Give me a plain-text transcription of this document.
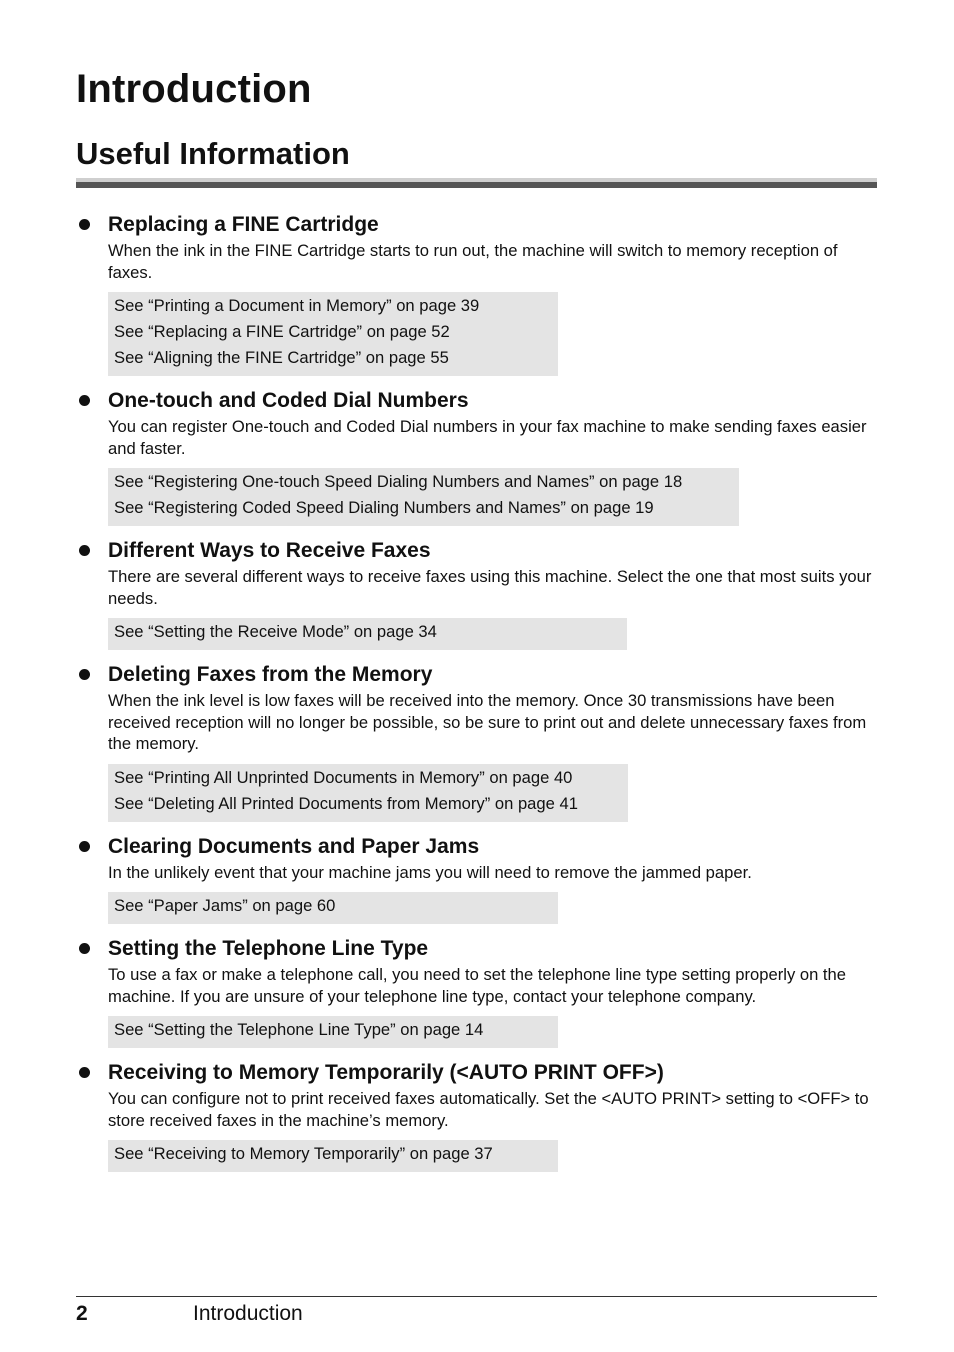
Introduction
Useful Information
Replacing a FINE Cartridge

When the ink in the FINE Cartridge starts to run out, the machine will switch to memory reception of faxes.

See “Printing a Document in Memory” on page 39
See “Replacing a FINE Cartridge” on page 52
See “Aligning the FINE Cartridge” on page 55
One-touch and Coded Dial Numbers

You can register One-touch and Coded Dial numbers in your fax machine to make sending faxes easier and faster.

See “Registering One-touch Speed Dialing Numbers and Names” on page 18
See “Registering Coded Speed Dialing Numbers and Names” on page 19
Different Ways to Receive Faxes

There are several different ways to receive faxes using this machine. Select the one that most suits your needs.

See “Setting the Receive Mode” on page 34
Deleting Faxes from the Memory

When the ink level is low faxes will be received into the memory. Once 30 transmissions have been received reception will no longer be possible, so be sure to print out and delete unnecessary faxes from the memory.

See “Printing All Unprinted Documents in Memory” on page 40
See “Deleting All Printed Documents from Memory” on page 41
Clearing Documents and Paper Jams

In the unlikely event that your machine jams you will need to remove the jammed paper.

See “Paper Jams” on page 60
Setting the Telephone Line Type

To use a fax or make a telephone call, you need to set the telephone line type setting properly on the machine. If you are unsure of your telephone line type, contact your telephone company.

See “Setting the Telephone Line Type” on page 14
Receiving to Memory Temporarily (<AUTO PRINT OFF>)

You can configure not to print received faxes automatically. Set the <AUTO PRINT> setting to <OFF> to store received faxes in the machine’s memory.

See “Receiving to Memory Temporarily” on page 37
2	Introduction
